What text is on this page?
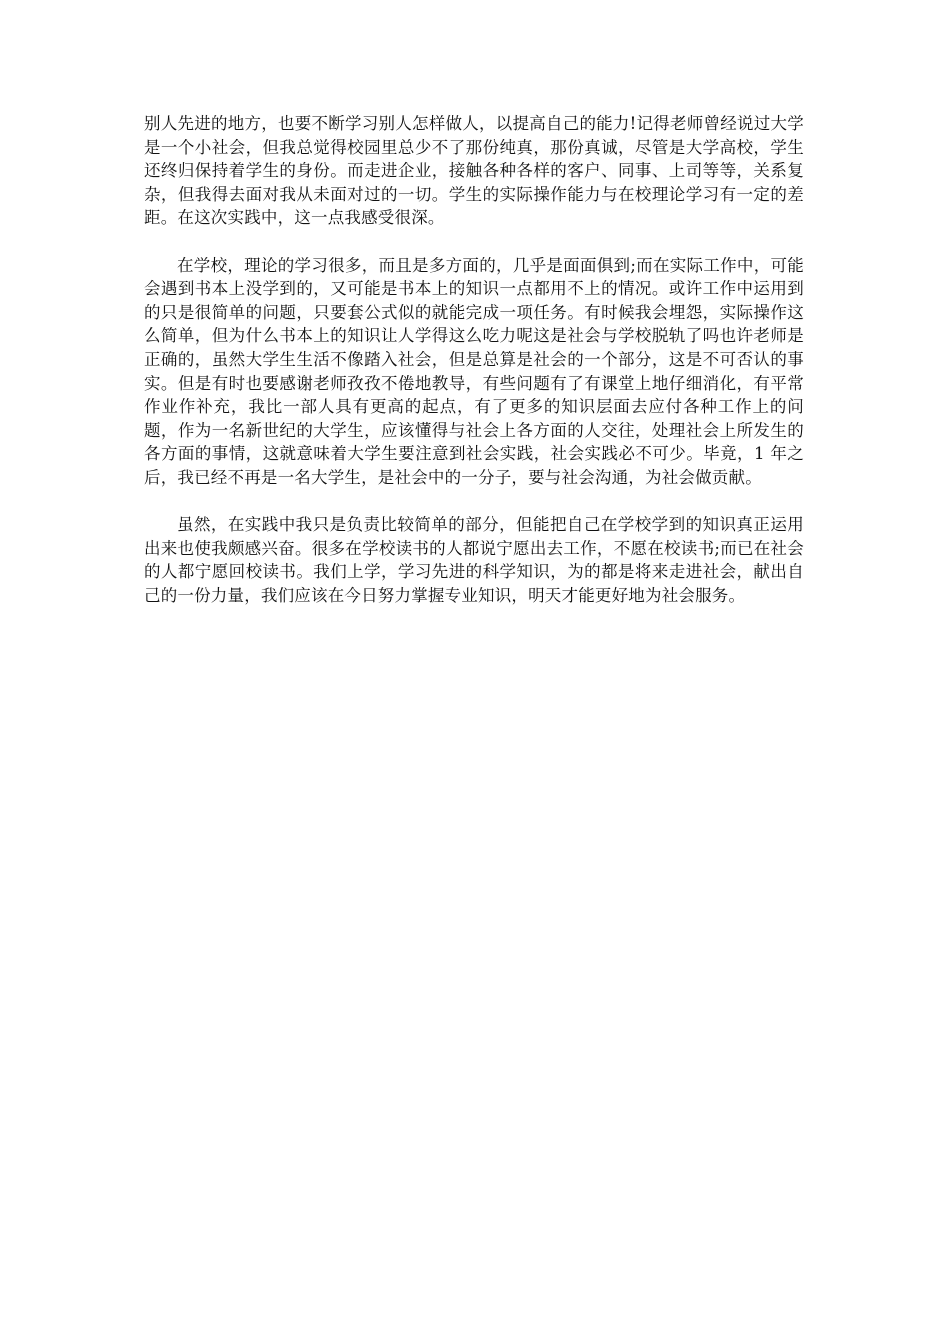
别人先进的地方，也要不断学习别人怎样做人，以提高自己的能力!记得老师曾经说过大学是一个小社会，但我总觉得校园里总少不了那份纯真，那份真诚，尽管是大学高校，学生还终归保持着学生的身份。而走进企业，接触各种各样的客户、同事、上司等等，关系复杂，但我得去面对我从未面对过的一切。学生的实际操作能力与在校理论学习有一定的差距。在这次实践中，这一点我感受很深。

在学校，理论的学习很多，而且是多方面的，几乎是面面俱到;而在实际工作中，可能会遇到书本上没学到的，又可能是书本上的知识一点都用不上的情况。或许工作中运用到的只是很简单的问题，只要套公式似的就能完成一项任务。有时候我会埋怨，实际操作这么简单，但为什么书本上的知识让人学得这么吃力呢这是社会与学校脱轨了吗也许老师是正确的，虽然大学生生活不像踏入社会，但是总算是社会的一个部分，这是不可否认的事实。但是有时也要感谢老师孜孜不倦地教导，有些问题有了有课堂上地仔细消化，有平常作业作补充，我比一部人具有更高的起点，有了更多的知识层面去应付各种工作上的问题，作为一名新世纪的大学生，应该懂得与社会上各方面的人交往，处理社会上所发生的各方面的事情，这就意味着大学生要注意到社会实践，社会实践必不可少。毕竟，1 年之后，我已经不再是一名大学生，是社会中的一分子，要与社会沟通，为社会做贡献。

虽然，在实践中我只是负责比较简单的部分，但能把自己在学校学到的知识真正运用出来也使我颇感兴奋。很多在学校读书的人都说宁愿出去工作，不愿在校读书;而已在社会的人都宁愿回校读书。我们上学，学习先进的科学知识，为的都是将来走进社会，献出自己的一份力量，我们应该在今日努力掌握专业知识，明天才能更好地为社会服务。
